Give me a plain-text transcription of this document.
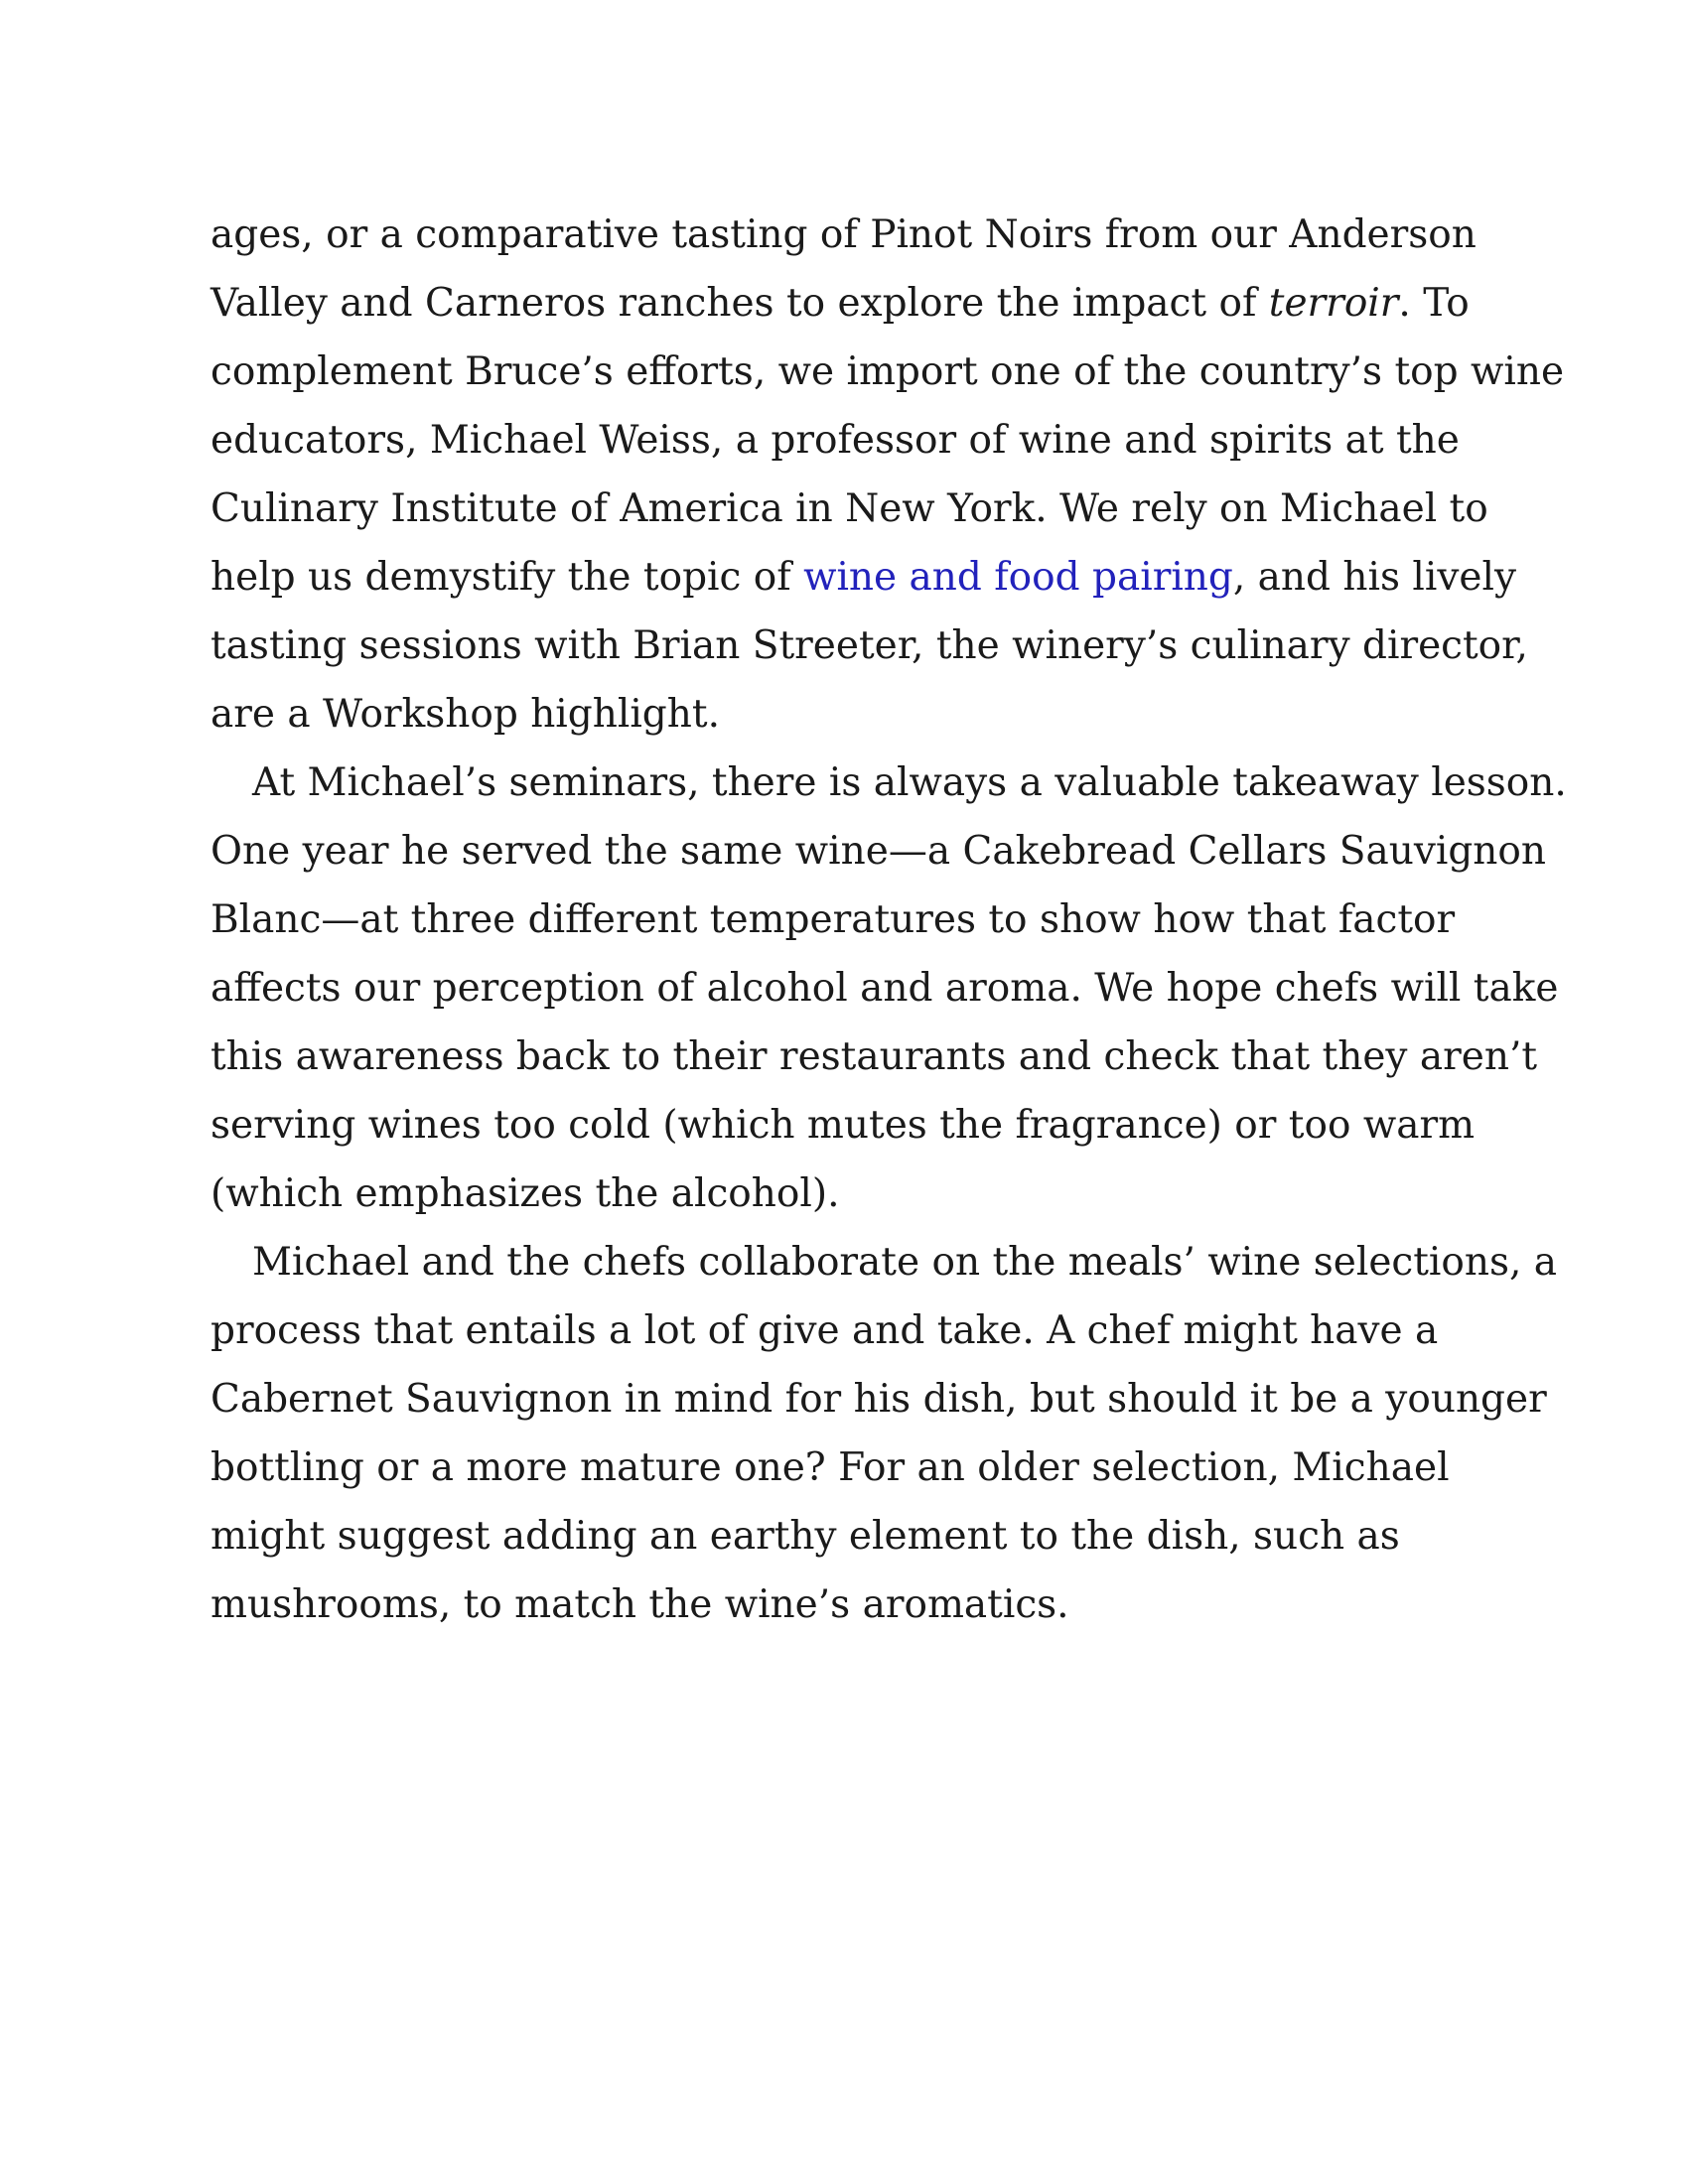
ages, or a comparative tasting of Pinot Noirs from our Anderson
Valley and Carneros ranches to explore the impact of terroir. To
complement Bruce’s efforts, we import one of the country’s top wine
educators, Michael Weiss, a professor of wine and spirits at the
Culinary Institute of America in New York. We rely on Michael to
help us demystify the topic of wine and food pairing, and his lively
tasting sessions with Brian Streeter, the winery’s culinary director,
are a Workshop highlight.
At Michael’s seminars, there is always a valuable takeaway lesson.
One year he served the same wine—a Cakebread Cellars Sauvignon
Blanc—at three different temperatures to show how that factor
affects our perception of alcohol and aroma. We hope chefs will take
this awareness back to their restaurants and check that they aren’t
serving wines too cold (which mutes the fragrance) or too warm
(which emphasizes the alcohol).
Michael and the chefs collaborate on the meals’ wine selections, a
process that entails a lot of give and take. A chef might have a
Cabernet Sauvignon in mind for his dish, but should it be a younger
bottling or a more mature one? For an older selection, Michael
might suggest adding an earthy element to the dish, such as
mushrooms, to match the wine’s aromatics.
